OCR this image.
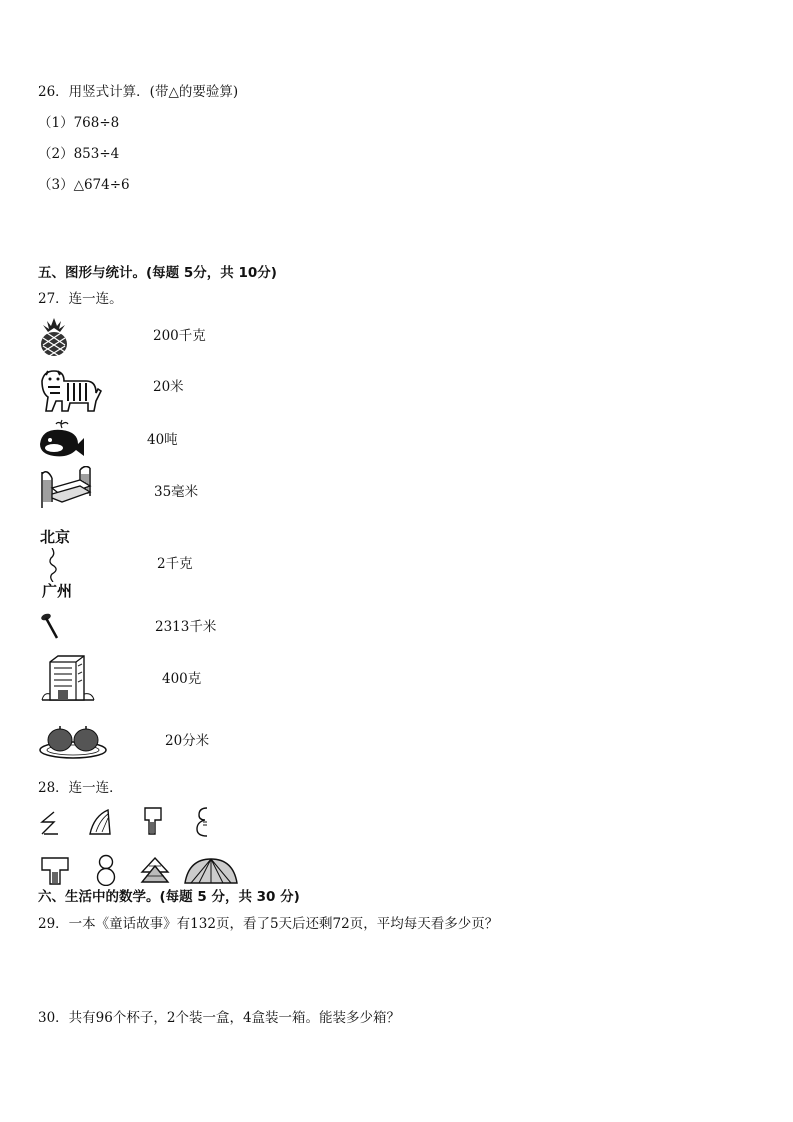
26．用竖式计算．(带△的要验算)
（1）768÷8
（2）853÷4
（3）△674÷6
五、图形与统计。(每题 5分，共 10分)
27．连一连。
200千克
20米
40吨
35毫米
北京
广州
2千克
2313千米
400克
20分米
28．连一连．
六、生活中的数学。(每题 5 分，共 30 分)
29．一本《童话故事》有132页，看了5天后还剩72页，平均每天看多少页？
30．共有96个杯子，2个装一盒，4盒装一箱。能装多少箱？
